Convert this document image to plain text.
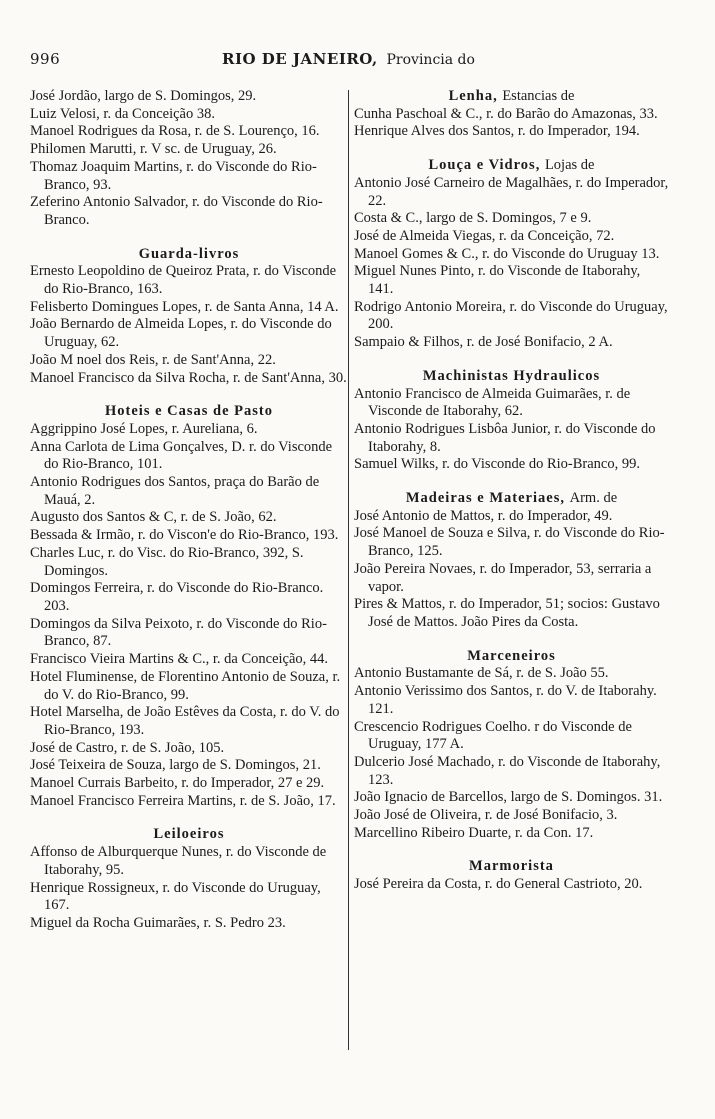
996	RIO DE JANEIRO, Provincia do
José Jordão, largo de S. Domingos, 29.
Luiz Velosi, r. da Conceição 38.
Manoel Rodrigues da Rosa, r. de S. Lourenço, 16.
Philomen Marutti, r. V sc. de Uruguay, 26.
Thomaz Joaquim Martins, r. do Visconde do Rio-Branco, 93.
Zeferino Antonio Salvador, r. do Visconde do Rio-Branco.
Guarda-livros
Ernesto Leopoldino de Queiroz Prata, r. do Visconde do Rio-Branco, 163.
Felisberto Domingues Lopes, r. de Santa Anna, 14 A.
João Bernardo de Almeida Lopes, r. do Visconde do Uruguay, 62.
João M noel dos Reis, r. de Sant'Anna, 22.
Manoel Francisco da Silva Rocha, r. de Sant'Anna, 30.
Hoteis e Casas de Pasto
Aggrippino José Lopes, r. Aureliana, 6.
Anna Carlota de Lima Gonçalves, D. r. do Visconde do Rio-Branco, 101.
Antonio Rodrigues dos Santos, praça do Barão de Mauá, 2.
Augusto dos Santos & C, r. de S. João, 62.
Bessada & Irmão, r. do Viscon'e do Rio-Branco, 193.
Charles Luc, r. do Visc. do Rio-Branco, 392, S. Domingos.
Domingos Ferreira, r. do Visconde do Rio-Branco. 203.
Domingos da Silva Peixoto, r. do Visconde do Rio-Branco, 87.
Francisco Vieira Martins & C., r. da Conceição, 44.
Hotel Fluminense, de Florentino Antonio de Souza, r. do V. do Rio-Branco, 99.
Hotel Marselha, de João Estêves da Costa, r. do V. do Rio-Branco, 193.
José de Castro, r. de S. João, 105.
José Teixeira de Souza, largo de S. Domingos, 21.
Manoel Currais Barbeito, r. do Imperador, 27 e 29.
Manoel Francisco Ferreira Martins, r. de S. João, 17.
Leiloeiros
Affonso de Alburquerque Nunes, r. do Visconde de Itaborahy, 95.
Henrique Rossigneux, r. do Visconde do Uruguay, 167.
Miguel da Rocha Guimarães, r. S. Pedro 23.
Lenha, Estancias de
Cunha Paschoal & C., r. do Barão do Amazonas, 33.
Henrique Alves dos Santos, r. do Imperador, 194.
Louça e Vidros, Lojas de
Antonio José Carneiro de Magalhães, r. do Imperador, 22.
Costa & C., largo de S. Domingos, 7 e 9.
José de Almeida Viegas, r. da Conceição, 72.
Manoel Gomes & C., r. do Visconde do Uruguay 13.
Miguel Nunes Pinto, r. do Visconde de Itaborahy, 141.
Rodrigo Antonio Moreira, r. do Visconde do Uruguay, 200.
Sampaio & Filhos, r. de José Bonifacio, 2 A.
Machinistas Hydraulicos
Antonio Francisco de Almeida Guimarães, r. de Visconde de Itaborahy, 62.
Antonio Rodrigues Lisbôa Junior, r. do Visconde do Itaborahy, 8.
Samuel Wilks, r. do Visconde do Rio-Branco, 99.
Madeiras e Materiaes, Arm. de
José Antonio de Mattos, r. do Imperador, 49.
José Manoel de Souza e Silva, r. do Visconde do Rio-Branco, 125.
João Pereira Novaes, r. do Imperador, 53, serraria a vapor.
Pires & Mattos, r. do Imperador, 51; socios: Gustavo José de Mattos. João Pires da Costa.
Marceneiros
Antonio Bustamante de Sá, r. de S. João 55.
Antonio Verissimo dos Santos, r. do V. de Itaborahy. 121.
Crescencio Rodrigues Coelho. r do Visconde de Uruguay, 177 A.
Dulcerio José Machado, r. do Visconde de Itaborahy, 123.
João Ignacio de Barcellos, largo de S. Domingos. 31.
João José de Oliveira, r. de José Bonifacio, 3.
Marcellino Ribeiro Duarte, r. da Con. 17.
Marmorista
José Pereira da Costa, r. do General Castrioto, 20.
